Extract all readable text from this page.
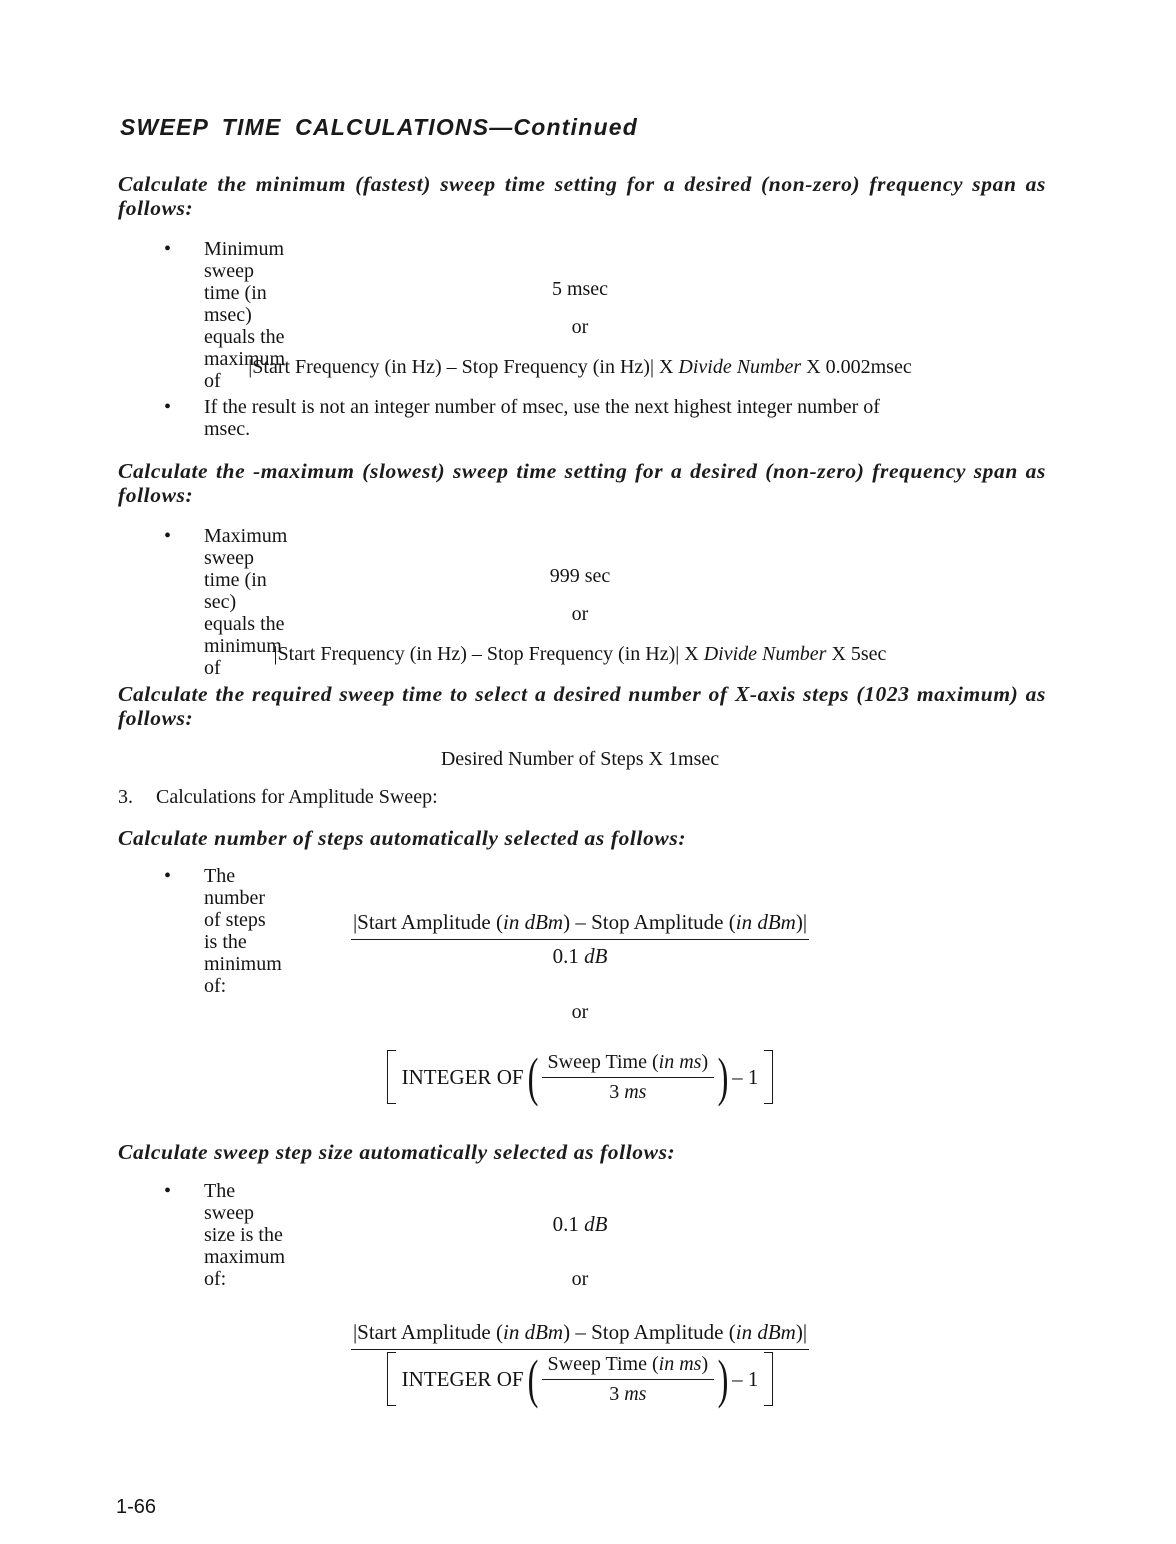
SWEEP TIME CALCULATIONS—Continued
Calculate the minimum (fastest) sweep time setting for a desired (non-zero) frequency span as follows:
• Minimum sweep time (in msec) equals the maximum of
5 msec
or
|Start Frequency (in Hz) – Stop Frequency (in Hz)| X Divide Number X 0.002msec
• If the result is not an integer number of msec, use the next highest integer number of
msec.
Calculate the -maximum (slowest) sweep time setting for a desired (non-zero) frequency span as follows:
• Maximum sweep time (in sec) equals the minimum of
999 sec
or
|Start Frequency (in Hz) – Stop Frequency (in Hz)| X Divide Number X 5sec
Calculate the required sweep time to select a desired number of X-axis steps (1023 maximum) as follows:
Desired Number of Steps X 1msec
3. Calculations for Amplitude Sweep:
Calculate number of steps automatically selected as follows:
• The number of steps is the minimum of:
|Start Amplitude (in dBm) – Stop Amplitude (in dBm)|
0.1 dB
or
INTEGER OF ( Sweep Time (in ms)
3 ms ) – 1
Calculate sweep step size automatically selected as follows:
• The sweep size is the maximum of:
0.1 dB
or
|Start Amplitude (in dBm) – Stop Amplitude (in dBm)|
INTEGER OF ( Sweep Time (in ms)
3 ms ) – 1
1-66
